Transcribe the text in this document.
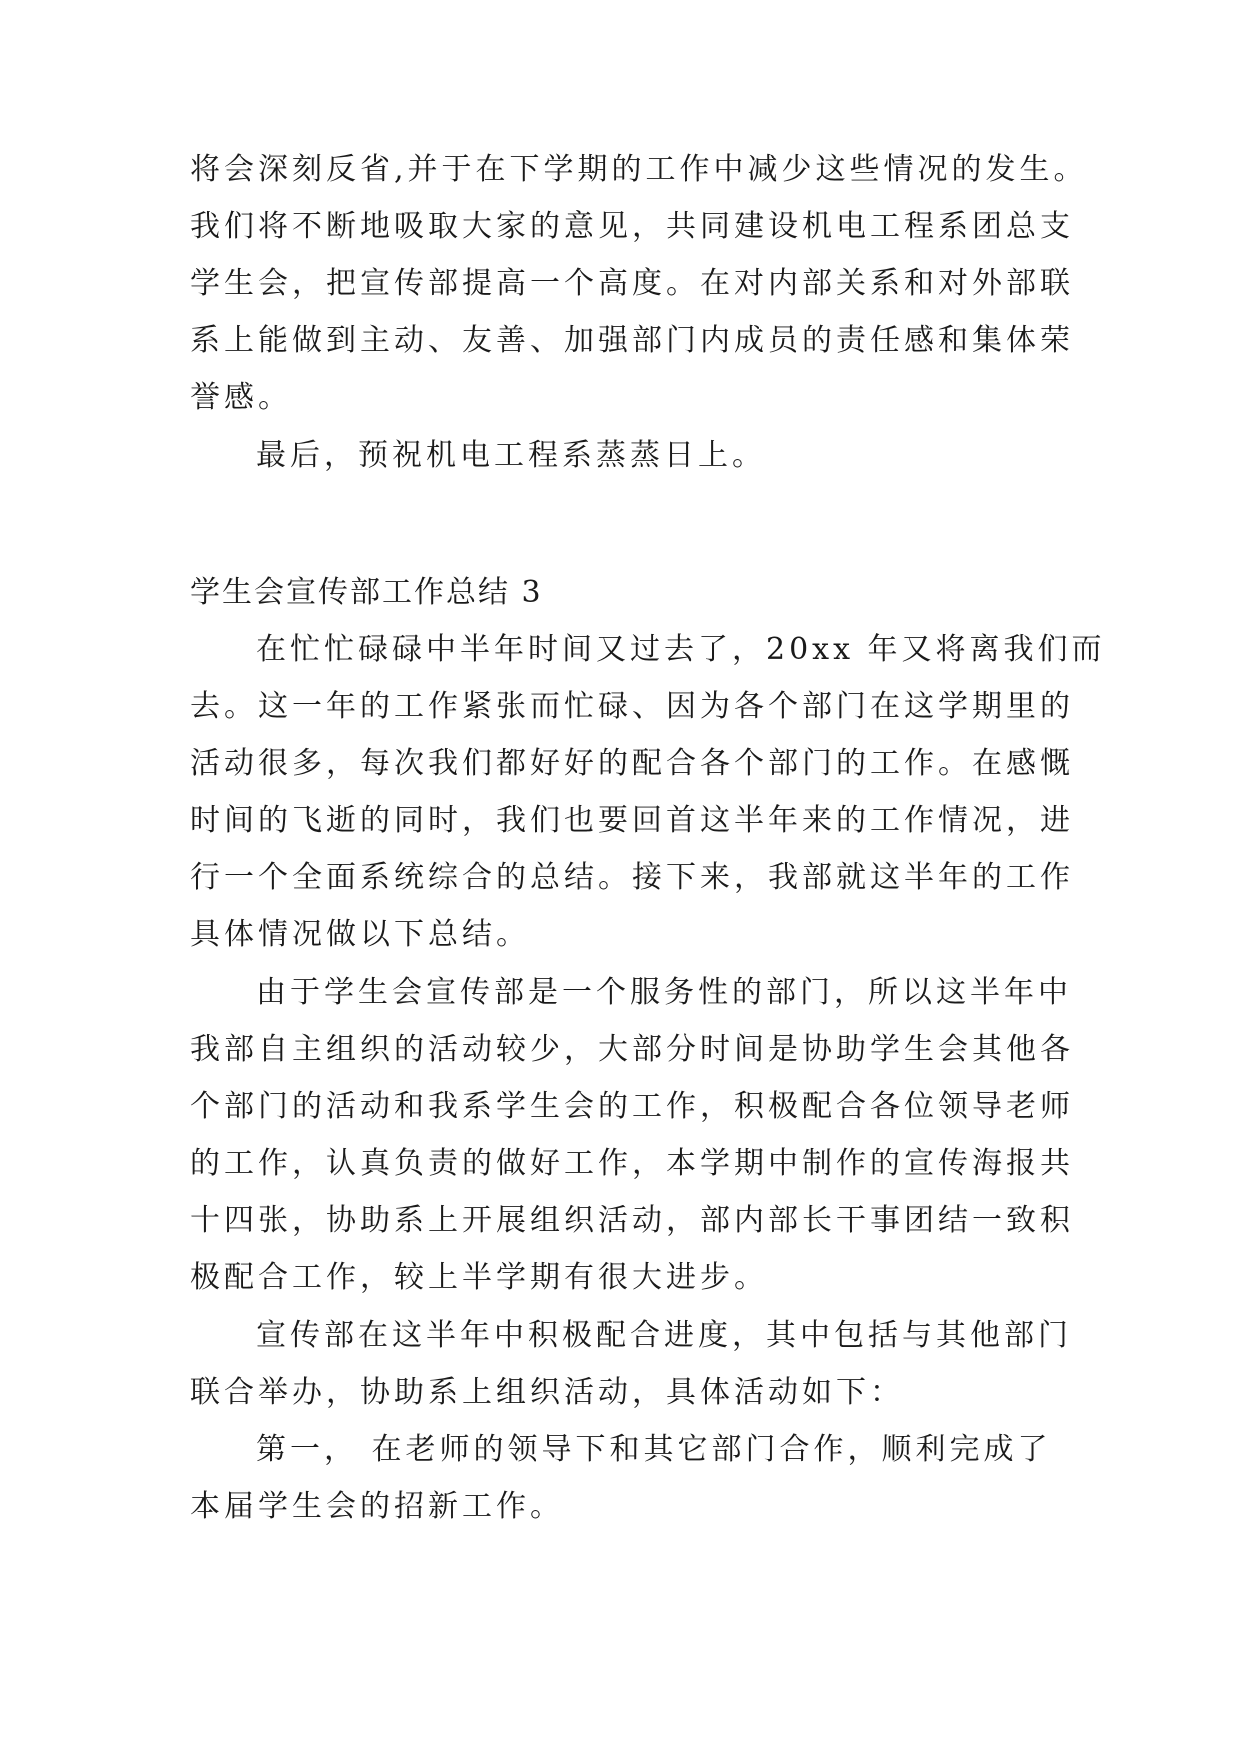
将会深刻反省,并于在下学期的工作中减少这些情况的发生。
我们将不断地吸取大家的意见，共同建设机电工程系团总支
学生会，把宣传部提高一个高度。在对内部关系和对外部联
系上能做到主动、友善、加强部门内成员的责任感和集体荣
誉感。
最后，预祝机电工程系蒸蒸日上。
学生会宣传部工作总结 3
在忙忙碌碌中半年时间又过去了，20xx 年又将离我们而
去。这一年的工作紧张而忙碌、因为各个部门在这学期里的
活动很多，每次我们都好好的配合各个部门的工作。在感慨
时间的飞逝的同时，我们也要回首这半年来的工作情况，进
行一个全面系统综合的总结。接下来，我部就这半年的工作
具体情况做以下总结。
由于学生会宣传部是一个服务性的部门，所以这半年中
我部自主组织的活动较少，大部分时间是协助学生会其他各
个部门的活动和我系学生会的工作，积极配合各位领导老师
的工作，认真负责的做好工作，本学期中制作的宣传海报共
十四张，协助系上开展组织活动，部内部长干事团结一致积
极配合工作，较上半学期有很大进步。
宣传部在这半年中积极配合进度，其中包括与其他部门
联合举办，协助系上组织活动，具体活动如下：
第一， 在老师的领导下和其它部门合作，顺利完成了
本届学生会的招新工作。
